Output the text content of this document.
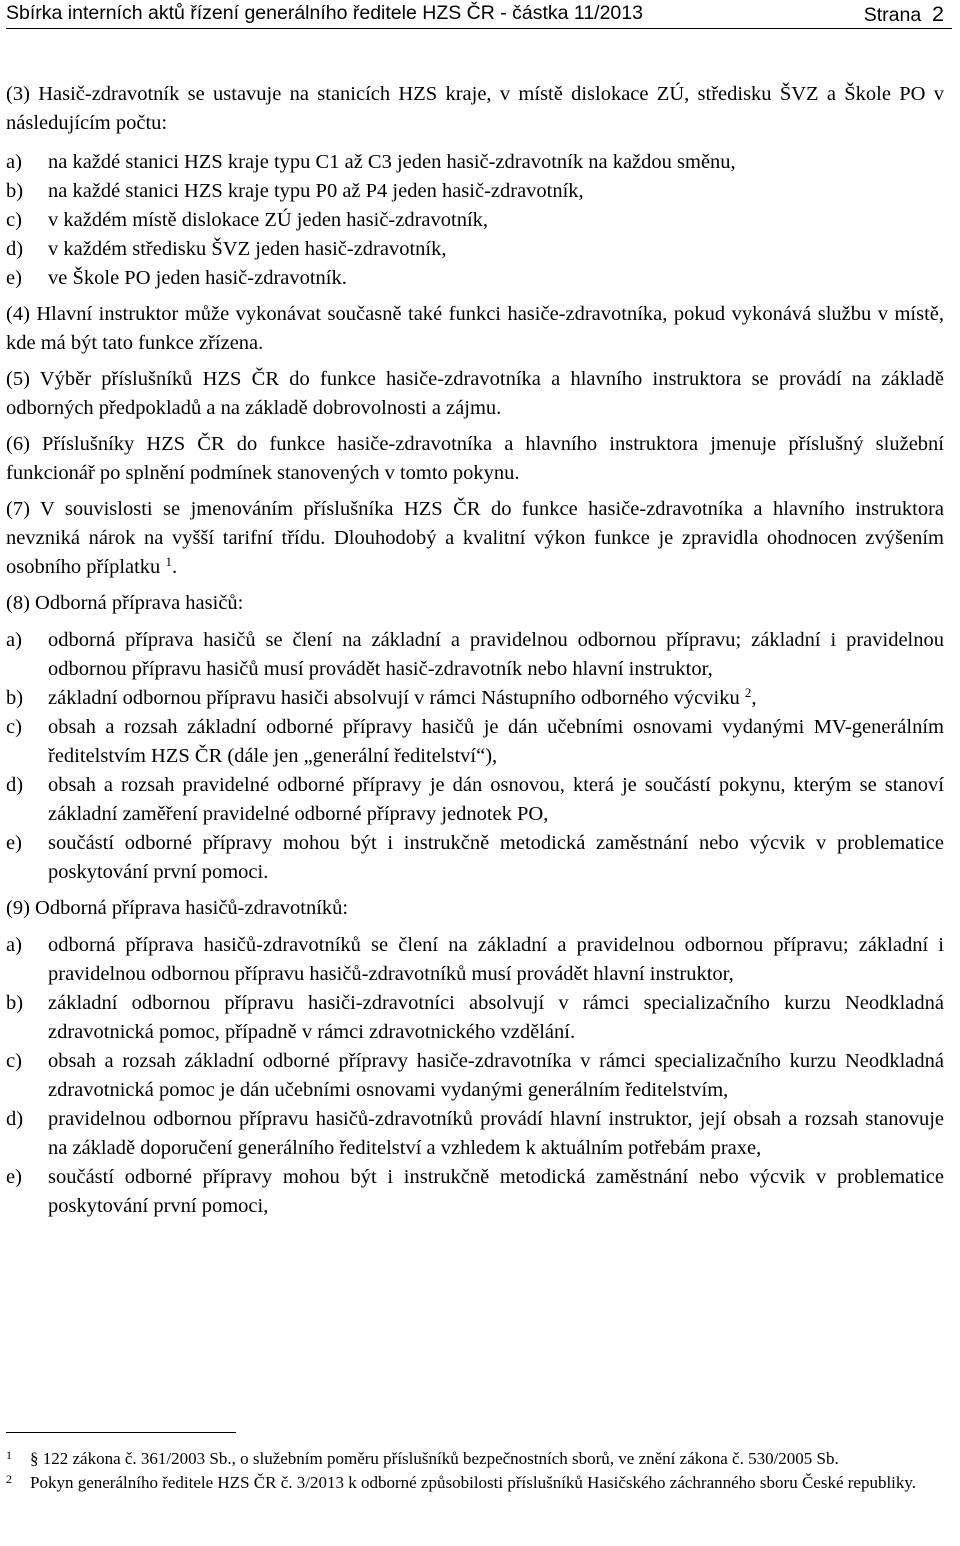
Sbírka interních aktů řízení generálního ředitele HZS ČR - částka 11/2013	Strana 2
(3) Hasič-zdravotník se ustavuje na stanicích HZS kraje, v místě dislokace ZÚ, středisku ŠVZ a Škole PO v následujícím počtu:
a)	na každé stanici HZS kraje typu C1 až C3 jeden hasič-zdravotník na každou směnu,
b)	na každé stanici HZS kraje typu P0 až P4 jeden hasič-zdravotník,
c)	v každém místě dislokace ZÚ jeden hasič-zdravotník,
d)	v každém středisku ŠVZ jeden hasič-zdravotník,
e)	ve Škole PO jeden hasič-zdravotník.
(4) Hlavní instruktor může vykonávat současně také funkci hasiče-zdravotníka, pokud vykonává službu v místě, kde má být tato funkce zřízena.
(5) Výběr příslušníků HZS ČR do funkce hasiče-zdravotníka a hlavního instruktora se provádí na základě odborných předpokladů a na základě dobrovolnosti a zájmu.
(6) Příslušníky HZS ČR do funkce hasiče-zdravotníka a hlavního instruktora jmenuje příslušný služební funkcionář po splnění podmínek stanovených v tomto pokynu.
(7) V souvislosti se jmenováním příslušníka HZS ČR do funkce hasiče-zdravotníka a hlavního instruktora nevzniká nárok na vyšší tarifní třídu. Dlouhodobý a kvalitní výkon funkce je zpravidla ohodnocen zvýšením osobního příplatku $^1$.
(8) Odborná příprava hasičů:
a)	odborná příprava hasičů se člení na základní a pravidelnou odbornou přípravu; základní i pravidelnou odbornou přípravu hasičů musí provádět hasič-zdravotník nebo hlavní instruktor,
b)	základní odbornou přípravu hasiči absolvují v rámci Nástupního odborného výcviku $^2$,
c)	obsah a rozsah základní odborné přípravy hasičů je dán učebními osnovami vydanými MV-generálním ředitelstvím HZS ČR (dále jen „generální ředitelství“),
d)	obsah a rozsah pravidelné odborné přípravy je dán osnovou, která je součástí pokynu, kterým se stanoví základní zaměření pravidelné odborné přípravy jednotek PO,
e)	součástí odborné přípravy mohou být i instrukčně metodická zaměstnání nebo výcvik v problematice poskytování první pomoci.
(9) Odborná příprava hasičů-zdravotníků:
a)	odborná příprava hasičů-zdravotníků se člení na základní a pravidelnou odbornou přípravu; základní i pravidelnou odbornou přípravu hasičů-zdravotníků musí provádět hlavní instruktor,
b)	základní odbornou přípravu hasiči-zdravotníci absolvují v rámci specializačního kurzu Neodkladná zdravotnická pomoc, případně v rámci zdravotnického vzdělání.
c)	obsah a rozsah základní odborné přípravy hasiče-zdravotníka v rámci specializačního kurzu Neodkladná zdravotnická pomoc je dán učebními osnovami vydanými generálním ředitelstvím,
d)	pravidelnou odbornou přípravu hasičů-zdravotníků provádí hlavní instruktor, její obsah a rozsah stanovuje na základě doporučení generálního ředitelství a vzhledem k aktuálním potřebám praxe,
e)	součástí odborné přípravy mohou být i instrukčně metodická zaměstnání nebo výcvik v problematice poskytování první pomoci,
1	§ 122 zákona č. 361/2003 Sb., o služebním poměru příslušníků bezpečnostních sborů, ve znění zákona č. 530/2005 Sb.
2	Pokyn generálního ředitele HZS ČR č. 3/2013 k odborné způsobilosti příslušníků Hasičského záchranného sboru České republiky.
